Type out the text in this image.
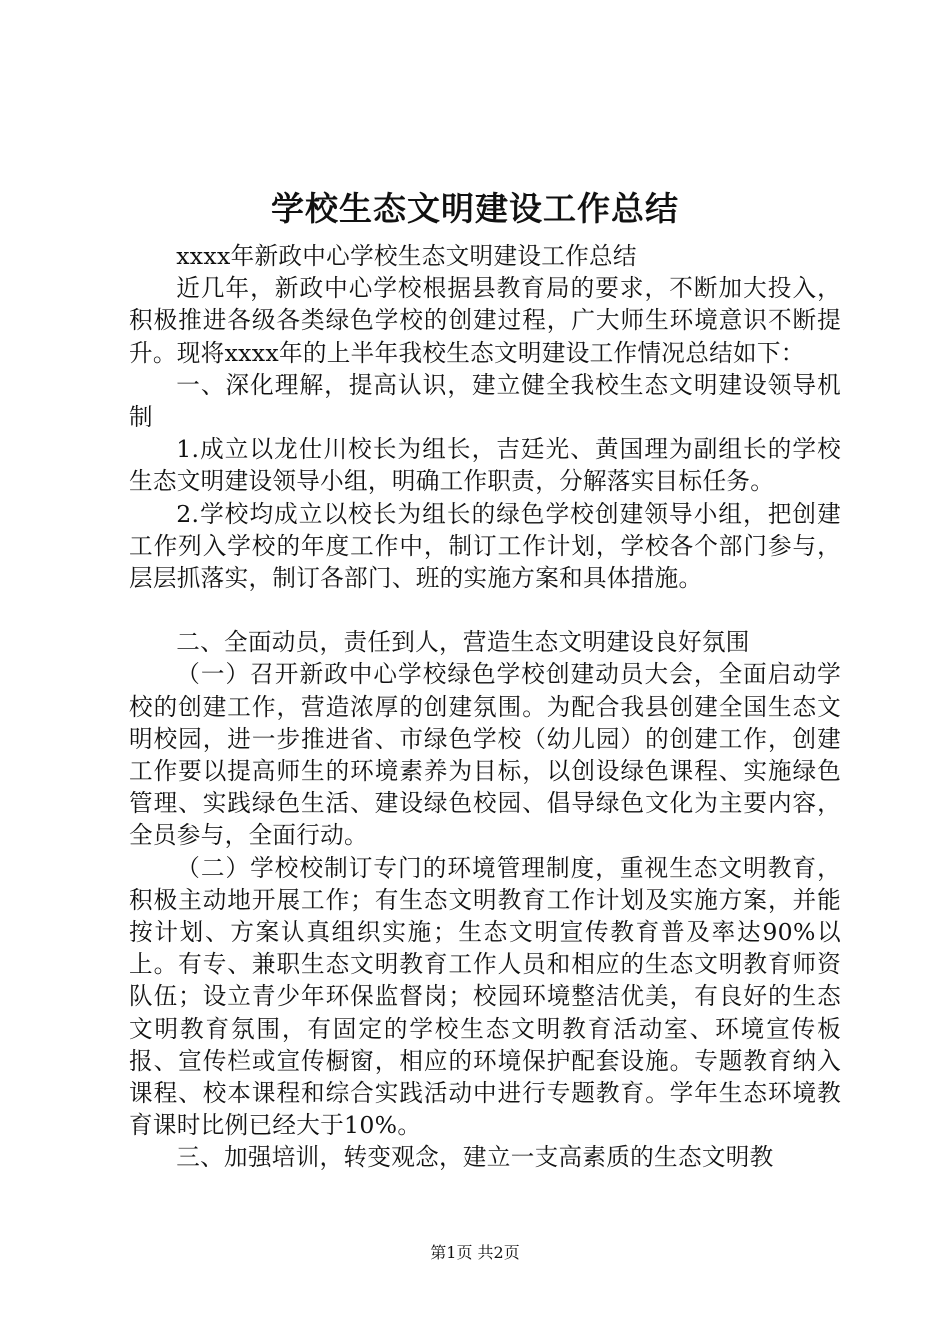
学校生态文明建设工作总结

xxxx年新政中心学校生态文明建设工作总结

近几年，新政中心学校根据县教育局的要求，不断加大投入，积极推进各级各类绿色学校的创建过程，广大师生环境意识不断提升。现将xxxx年的上半年我校生态文明建设工作情况总结如下：

一、深化理解，提高认识，建立健全我校生态文明建设领导机制

1.成立以龙仕川校长为组长，吉廷光、黄国理为副组长的学校生态文明建设领导小组，明确工作职责，分解落实目标任务。

2.学校均成立以校长为组长的绿色学校创建领导小组，把创建工作列入学校的年度工作中，制订工作计划，学校各个部门参与，层层抓落实，制订各部门、班的实施方案和具体措施。

二、全面动员，责任到人，营造生态文明建设良好氛围

（一）召开新政中心学校绿色学校创建动员大会，全面启动学校的创建工作，营造浓厚的创建氛围。为配合我县创建全国生态文明校园，进一步推进省、市绿色学校（幼儿园）的创建工作，创建工作要以提高师生的环境素养为目标，以创设绿色课程、实施绿色管理、实践绿色生活、建设绿色校园、倡导绿色文化为主要内容，全员参与，全面行动。

（二）学校校制订专门的环境管理制度，重视生态文明教育，积极主动地开展工作；有生态文明教育工作计划及实施方案，并能按计划、方案认真组织实施；生态文明宣传教育普及率达90%以上。有专、兼职生态文明教育工作人员和相应的生态文明教育师资队伍；设立青少年环保监督岗；校园环境整洁优美，有良好的生态文明教育氛围，有固定的学校生态文明教育活动室、环境宣传板报、宣传栏或宣传橱窗，相应的环境保护配套设施。专题教育纳入课程、校本课程和综合实践活动中进行专题教育。学年生态环境教育课时比例已经大于10%。

三、加强培训，转变观念，建立一支高素质的生态文明教

第1页 共2页
